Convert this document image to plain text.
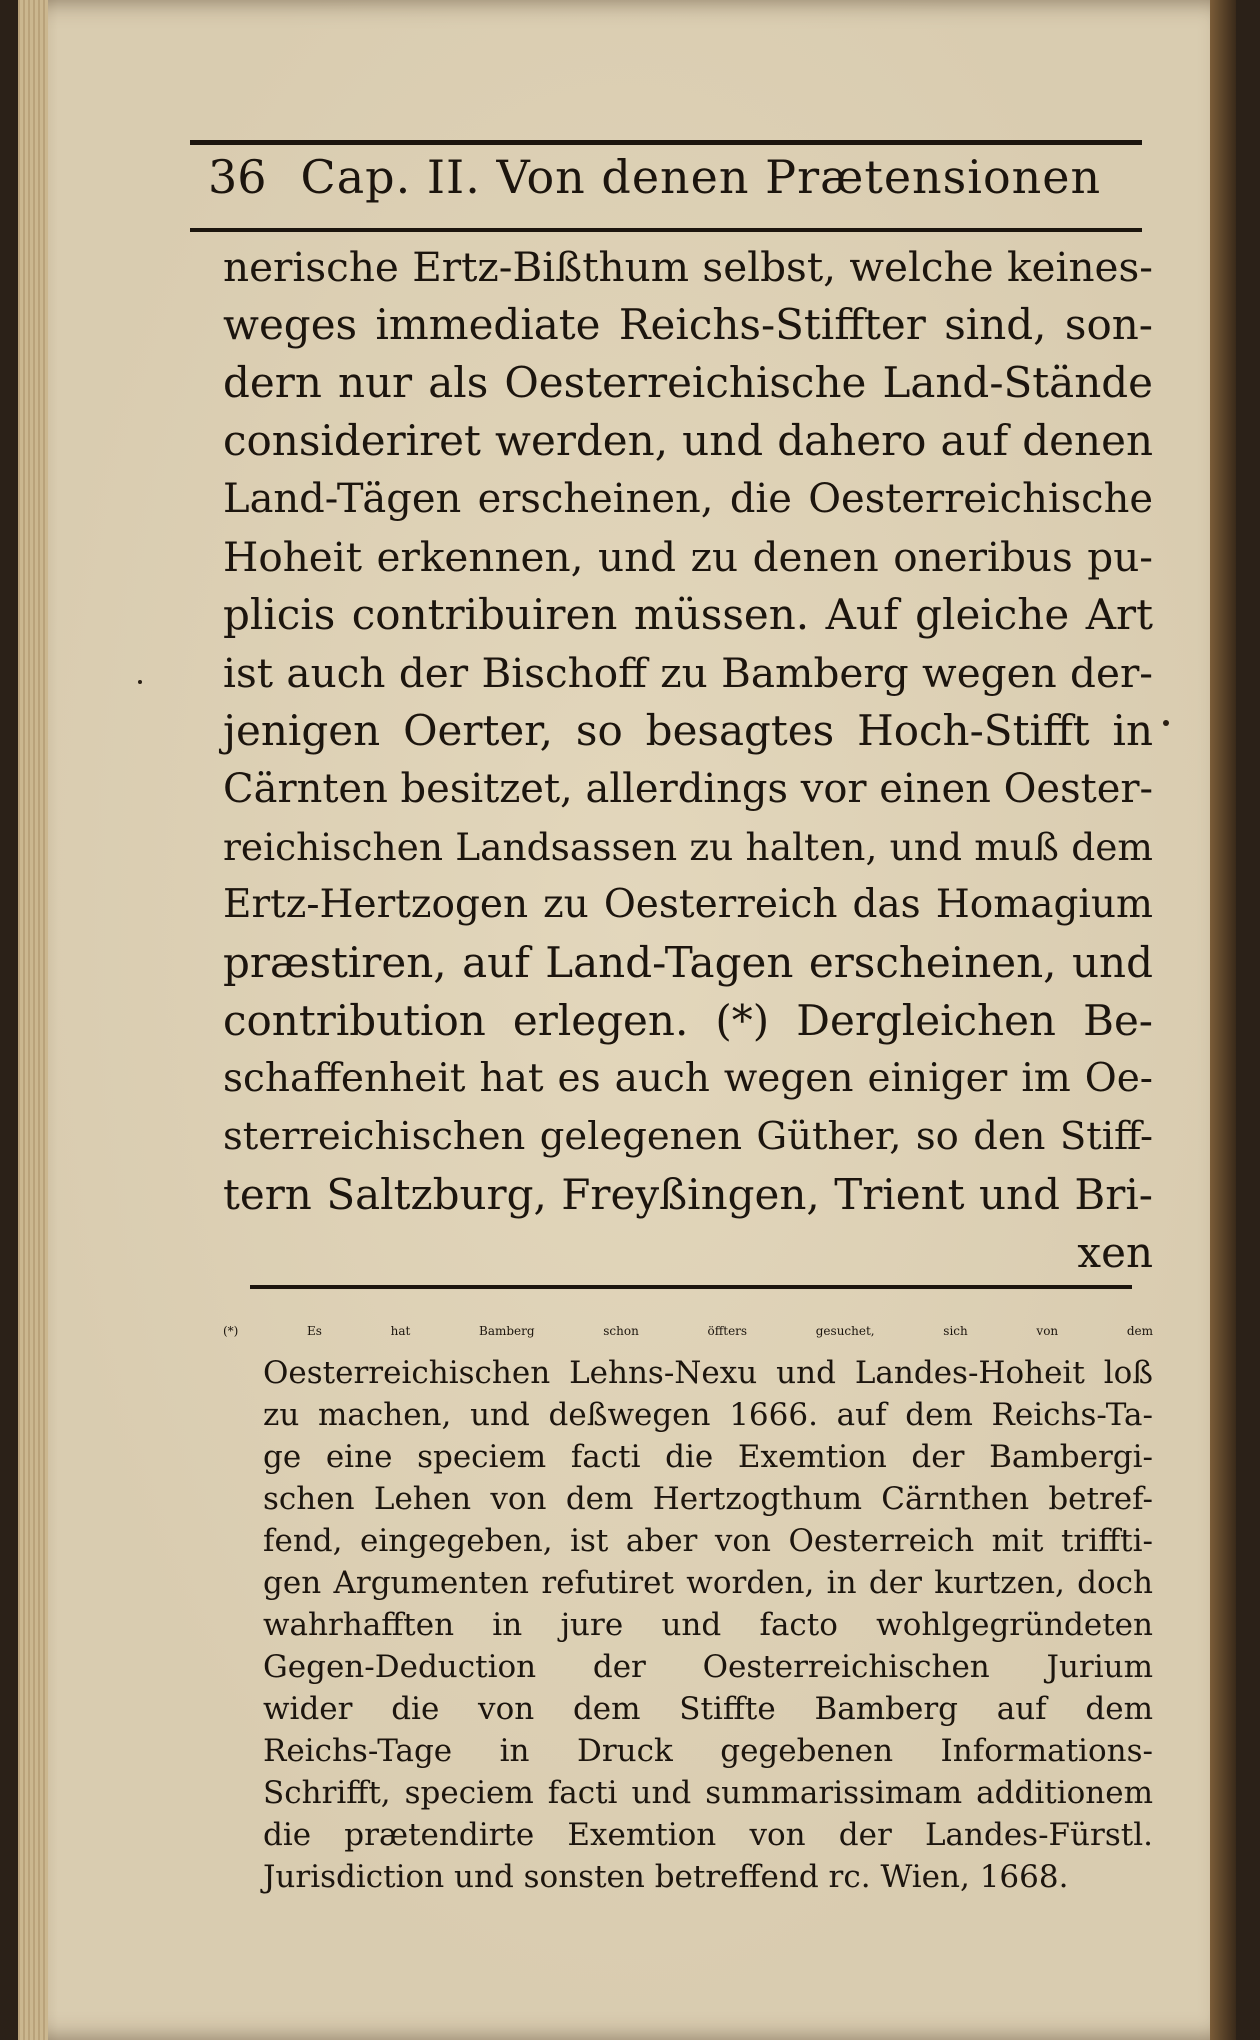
36 Cap. II. Von denen Prætensionen
nerische Ertz-Bißthum selbst, welche keines-
weges immediate Reichs-Stiffter sind, son-
dern nur als Oesterreichische Land-Stände
consideriret werden, und dahero auf denen
Land-Tägen erscheinen, die Oesterreichische
Hoheit erkennen, und zu denen oneribus pu-
plicis contribuiren müssen. Auf gleiche Art
ist auch der Bischoff zu Bamberg wegen der-
jenigen Oerter, so besagtes Hoch-Stifft in
Cärnten besitzet, allerdings vor einen Oester-
reichischen Landsassen zu halten, und muß dem
Ertz-Hertzogen zu Oesterreich das Homagium
præstiren, auf Land-Tagen erscheinen, und
contribution erlegen. (*) Dergleichen Be-
schaffenheit hat es auch wegen einiger im Oe-
sterreichischen gelegenen Güther, so den Stiff-
tern Saltzburg, Freyßingen, Trient und Bri-
xen
(*) Es hat Bamberg schon öffters gesuchet, sich von dem
Oesterreichischen Lehns-Nexu und Landes-Hoheit loß
zu machen, und deßwegen 1666. auf dem Reichs-Ta-
ge eine speciem facti die Exemtion der Bambergi-
schen Lehen von dem Hertzogthum Cärnthen betref-
fend, eingegeben, ist aber von Oesterreich mit triffti-
gen Argumenten refutiret worden, in der kurtzen, doch
wahrhafften in jure und facto wohlgegründeten
Gegen-Deduction der Oesterreichischen Jurium
wider die von dem Stiffte Bamberg auf dem
Reichs-Tage in Druck gegebenen Informations-
Schrifft, speciem facti und summarissimam additionem
die prætendirte Exemtion von der Landes-Fürstl.
Jurisdiction und sonsten betreffend rc. Wien, 1668.
